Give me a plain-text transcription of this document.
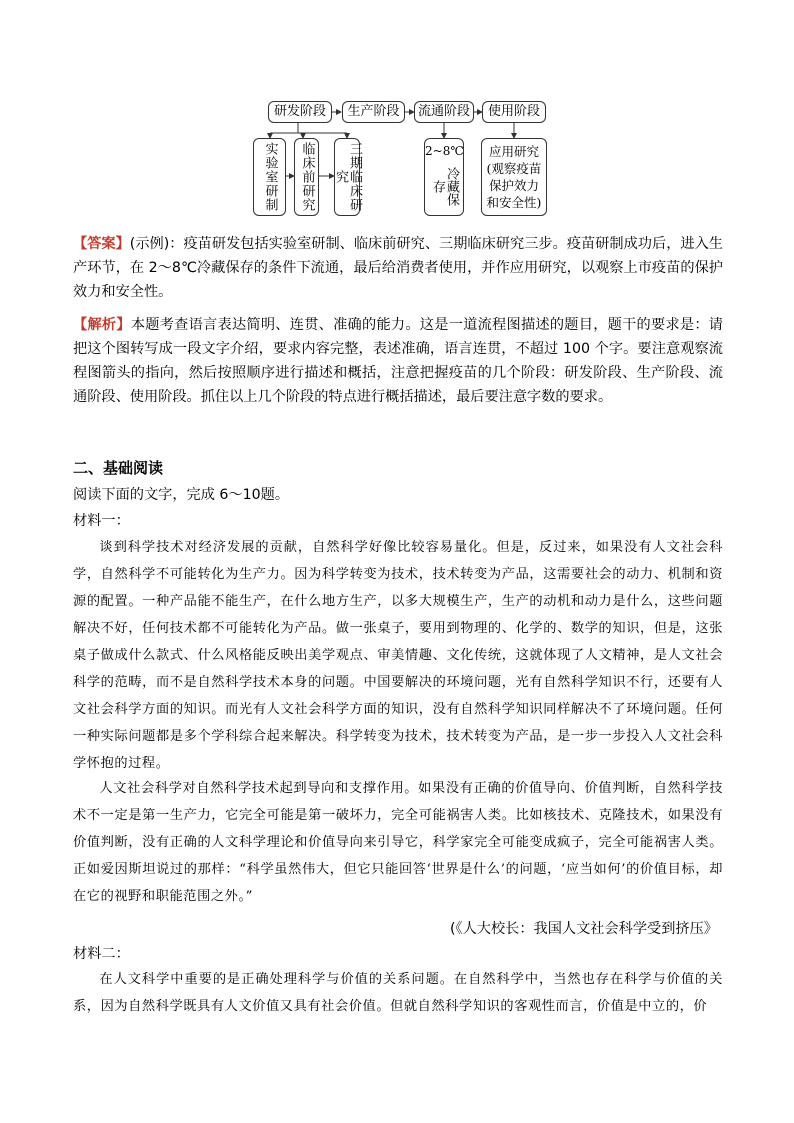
研发阶段	生产阶段	流通阶段	使用阶段
实验室研制	临床前研究	三期临床研究
2~8℃
冷藏保存
应用研究(观察疫苗保护效力和安全性)
【答案】(示例)：疫苗研发包括实验室研制、临床前研究、三期临床研究三步。疫苗研制成功后，进入生产环节，在 2～8℃冷藏保存的条件下流通，最后给消费者使用，并作应用研究，以观察上市疫苗的保护效力和安全性。
【解析】本题考查语言表达简明、连贯、准确的能力。这是一道流程图描述的题目，题干的要求是：请把这个图转写成一段文字介绍，要求内容完整，表述准确，语言连贯，不超过 100 个字。要注意观察流程图箭头的指向，然后按照顺序进行描述和概括，注意把握疫苗的几个阶段：研发阶段、生产阶段、流通阶段、使用阶段。抓住以上几个阶段的特点进行概括描述，最后要注意字数的要求。
二、基础阅读
阅读下面的文字，完成 6～10题。
材料一：
谈到科学技术对经济发展的贡献，自然科学好像比较容易量化。但是，反过来，如果没有人文社会科学，自然科学不可能转化为生产力。因为科学转变为技术，技术转变为产品，这需要社会的动力、机制和资源的配置。一种产品能不能生产，在什么地方生产，以多大规模生产，生产的动机和动力是什么，这些问题解决不好，任何技术都不可能转化为产品。做一张桌子，要用到物理的、化学的、数学的知识，但是，这张桌子做成什么款式、什么风格能反映出美学观点、审美情趣、文化传统，这就体现了人文精神，是人文社会科学的范畴，而不是自然科学技术本身的问题。中国要解决的环境问题，光有自然科学知识不行，还要有人文社会科学方面的知识。而光有人文社会科学方面的知识，没有自然科学知识同样解决不了环境问题。任何一种实际问题都是多个学科综合起来解决。科学转变为技术，技术转变为产品，是一步一步投入人文社会科学怀抱的过程。
人文社会科学对自然科学技术起到导向和支撑作用。如果没有正确的价值导向、价值判断，自然科学技术不一定是第一生产力，它完全可能是第一破坏力，完全可能祸害人类。比如核技术、克隆技术，如果没有价值判断，没有正确的人文科学理论和价值导向来引导它，科学家完全可能变成疯子，完全可能祸害人类。正如爱因斯坦说过的那样：“科学虽然伟大，但它只能回答‘世界是什么’的问题，‘应当如何’的价值目标，却在它的视野和职能范围之外。”
(《人大校长：我国人文社会科学受到挤压》
材料二：
在人文科学中重要的是正确处理科学与价值的关系问题。在自然科学中，当然也存在科学与价值的关系，因为自然科学既具有人文价值又具有社会价值。但就自然科学知识的客观性而言，价值是中立的，价
